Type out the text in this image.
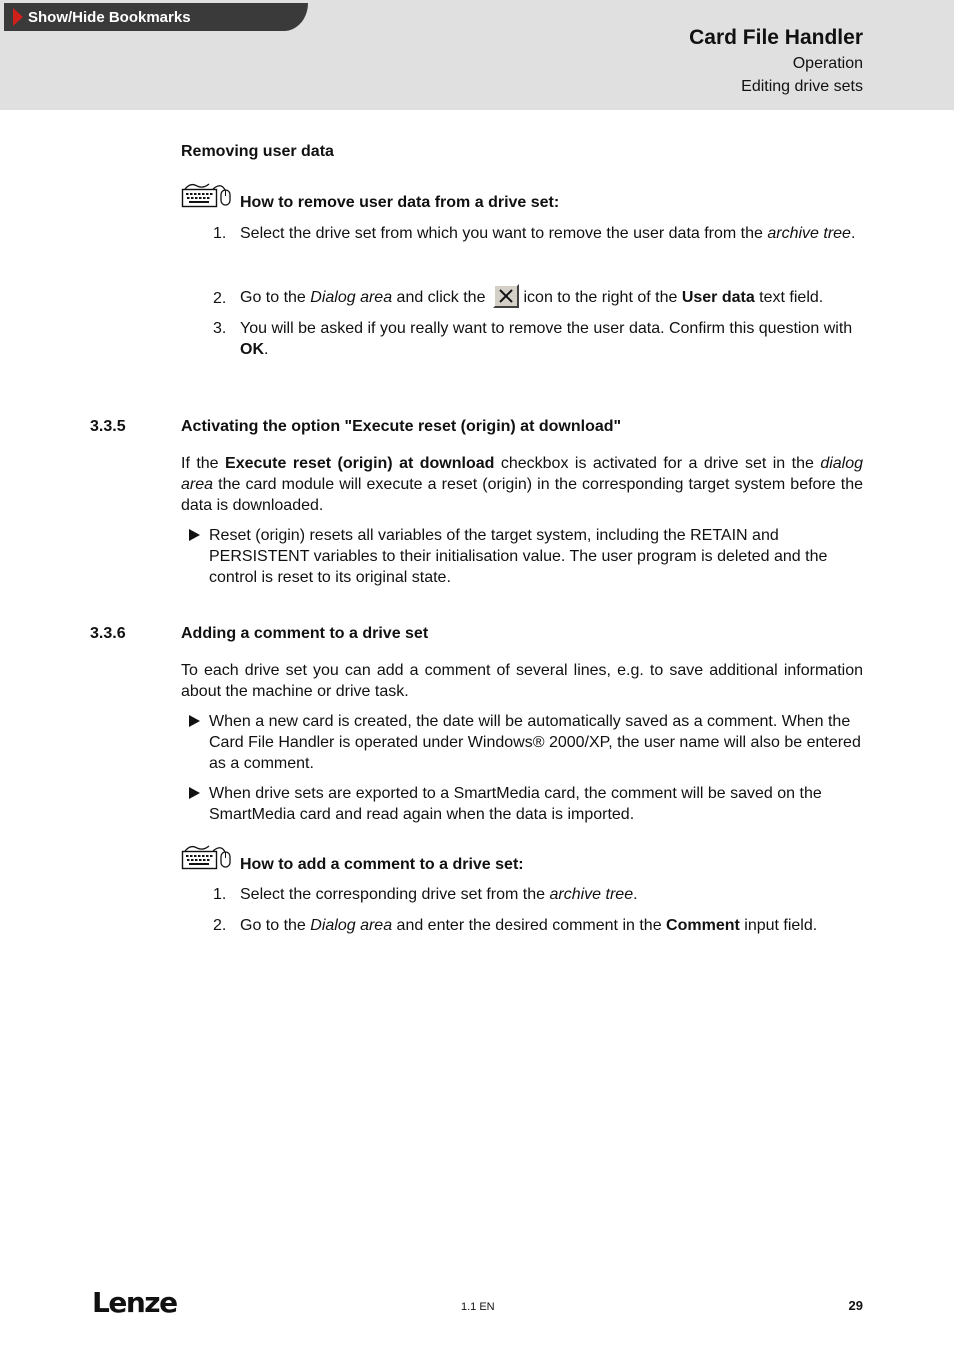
Show/Hide Bookmarks
Card File Handler
Operation
Editing drive sets
Removing user data
How to remove user data from a drive set:
1. Select the drive set from which you want to remove the user data from the archive tree.
2. Go to the Dialog area and click the icon to the right of the User data text field.
3. You will be asked if you really want to remove the user data. Confirm this question with OK.
3.3.5	Activating the option "Execute reset (origin) at download"
If the Execute reset (origin) at download checkbox is activated for a drive set in the dialog area the card module will execute a reset (origin) in the corresponding target system before the data is downloaded.
Reset (origin) resets all variables of the target system, including the RETAIN and PERSISTENT variables to their initialisation value. The user program is deleted and the control is reset to its original state.
3.3.6	Adding a comment to a drive set
To each drive set you can add a comment of several lines, e.g. to save additional information about the machine or drive task.
When a new card is created, the date will be automatically saved as a comment. When the Card File Handler is operated under Windows® 2000/XP, the user name will also be entered as a comment.
When drive sets are exported to a SmartMedia card, the comment will be saved on the SmartMedia card and read again when the data is imported.
How to add a comment to a drive set:
1. Select the corresponding drive set from the archive tree.
2. Go to the Dialog area and enter the desired comment in the Comment input field.
Lenze	1.1 EN	29
